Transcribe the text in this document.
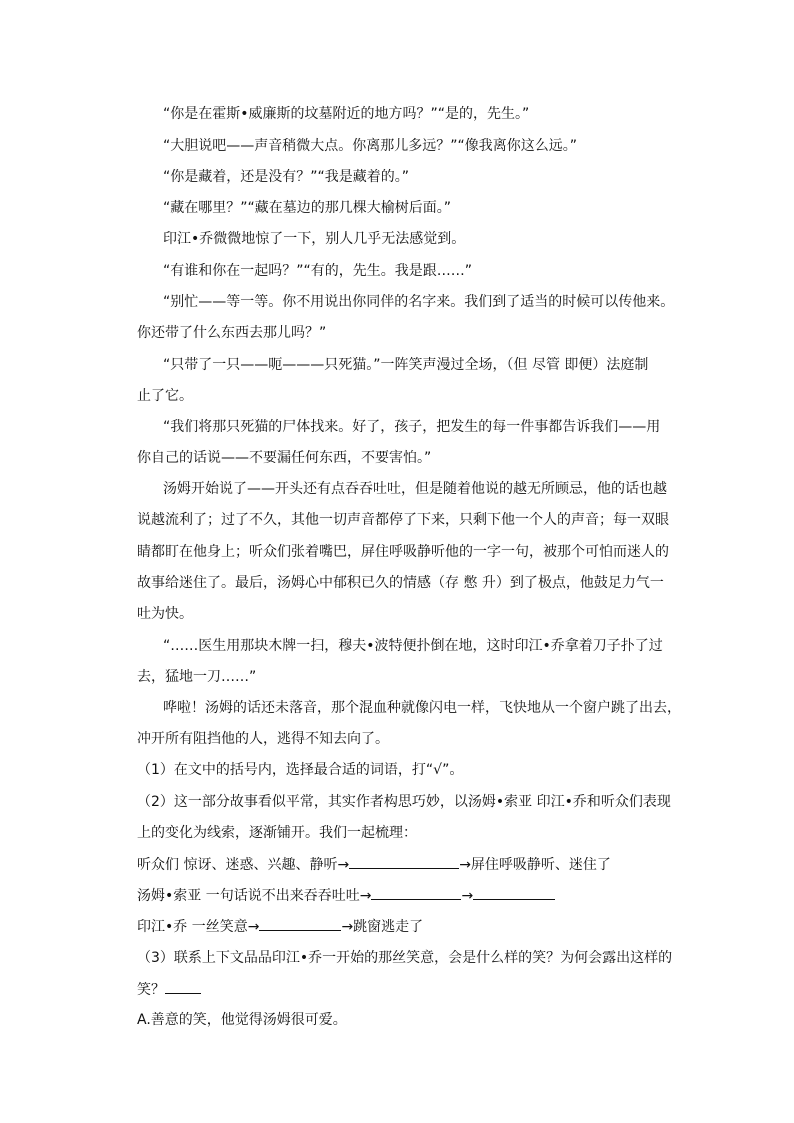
“你是在霍斯•威廉斯的坟墓附近的地方吗？”“是的，先生。”
“大胆说吧——声音稍微大点。你离那儿多远？”“像我离你这么远。”
“你是藏着，还是没有？”“我是藏着的。”
“藏在哪里？”“藏在墓边的那几棵大榆树后面。”
印江•乔微微地惊了一下，别人几乎无法感觉到。
“有谁和你在一起吗？”“有的，先生。我是跟……”
“别忙——等一等。你不用说出你同伴的名字来。我们到了适当的时候可以传他来。
你还带了什么东西去那儿吗？”
“只带了一只——呃———只死猫。”一阵笑声漫过全场，（但 尽管 即便）法庭制
止了它。
“我们将那只死猫的尸体找来。好了，孩子，把发生的每一件事都告诉我们——用
你自己的话说——不要漏任何东西，不要害怕。”
汤姆开始说了——开头还有点吞吞吐吐，但是随着他说的越无所顾忌，他的话也越
说越流利了；过了不久，其他一切声音都停了下来，只剩下他一个人的声音；每一双眼
睛都盯在他身上；听众们张着嘴巴，屏住呼吸静听他的一字一句，被那个可怕而迷人的
故事给迷住了。最后，汤姆心中郁积已久的情感（存 憋 升）到了极点，他鼓足力气一
吐为快。
“……医生用那块木牌一扫，穆夫•波特便扑倒在地，这时印江•乔拿着刀子扑了过
去，猛地一刀……”
哗啦！汤姆的话还未落音，那个混血种就像闪电一样，飞快地从一个窗户跳了出去，
冲开所有阻挡他的人，逃得不知去向了。
（1）在文中的括号内，选择最合适的词语，打“√”。
（2）这一部分故事看似平常，其实作者构思巧妙，以汤姆•索亚 印江•乔和听众们表现
上的变化为线索，逐渐铺开。我们一起梳理：
听众们 惊讶、迷惑、兴趣、静听→	→屏住呼吸静听、迷住了
汤姆•索亚 一句话说不出来吞吞吐吐→	→
印江•乔 一丝笑意→	→跳窗逃走了
（3）联系上下文品品印江•乔一开始的那丝笑意，会是什么样的笑？为何会露出这样的
笑？
A.善意的笑，他觉得汤姆很可爱。
